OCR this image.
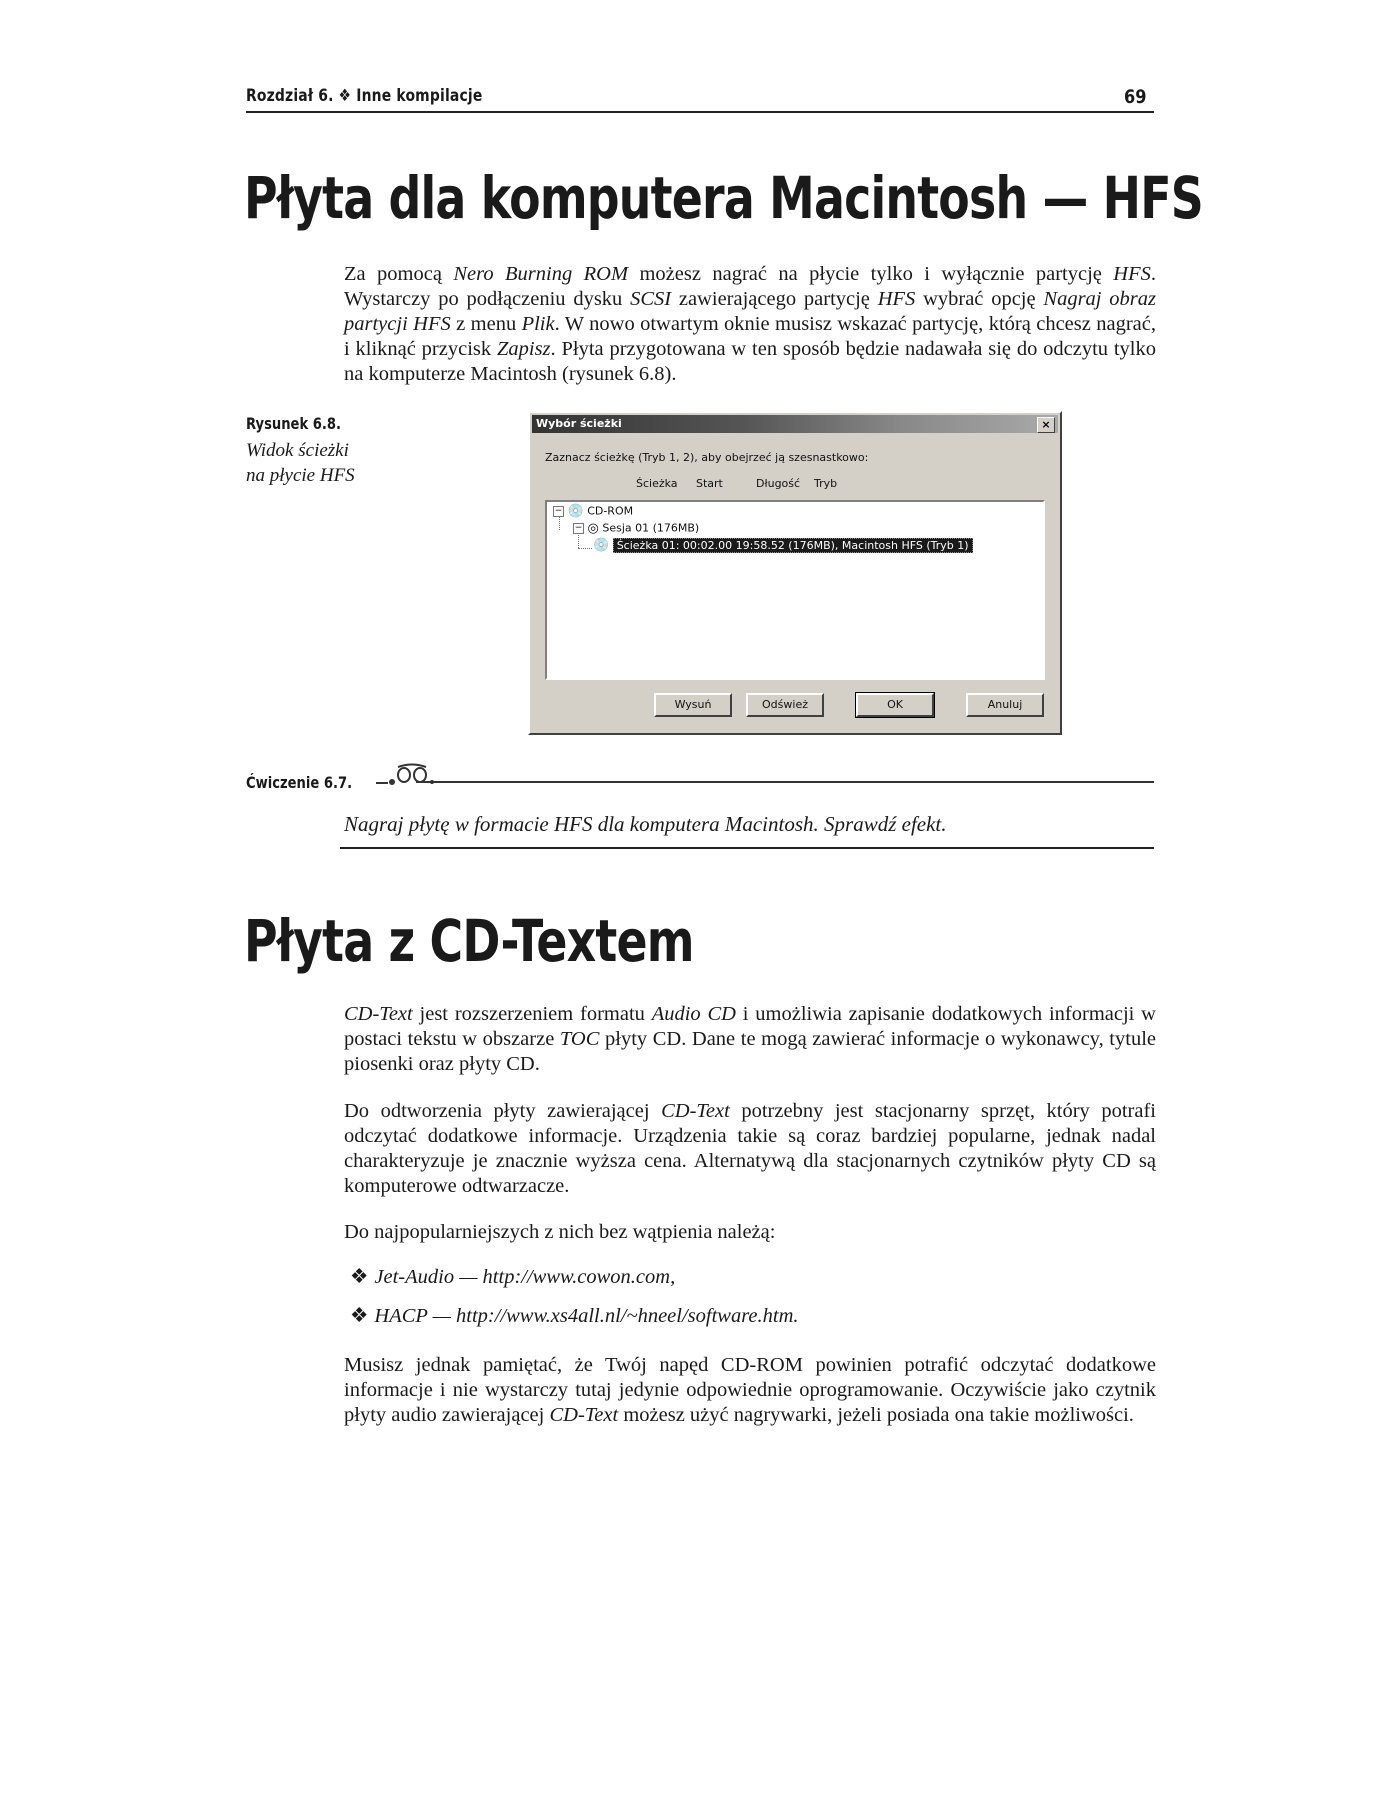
Rozdział 6. ❖ Inne kompilacje	69
Płyta dla komputera Macintosh — HFS

Za pomocą Nero Burning ROM możesz nagrać na płycie tylko i wyłącznie partycję HFS. Wystarczy po podłączeniu dysku SCSI zawierającego partycję HFS wybrać opcję Nagraj obraz partycji HFS z menu Plik. W nowo otwartym oknie musisz wskazać partycję, którą chcesz nagrać, i kliknąć przycisk Zapisz. Płyta przygotowana w ten sposób będzie nadawała się do odczytu tylko na komputerze Macintosh (rysunek 6.8).

Rysunek 6.8.
Widok ścieżki
na płycie HFS
Wybór ścieżki	×
Zaznacz ścieżkę (Tryb 1, 2), aby obejrzeć ją szesnastkowo:
Ścieżka Start	Długość Tryb
− 💿 CD-ROM
− ◎ Sesja 01 (176MB)
💿 Ścieżka 01: 00:02.00 19:58.52 (176MB), Macintosh HFS (Tryb 1)
Wysuń	Odśwież	OK	Anuluj
Ćwiczenie 6.7.

Nagraj płytę w formacie HFS dla komputera Macintosh. Sprawdź efekt.

Płyta z CD-Textem

CD-Text jest rozszerzeniem formatu Audio CD i umożliwia zapisanie dodatkowych informacji w postaci tekstu w obszarze TOC płyty CD. Dane te mogą zawierać informacje o wykonawcy, tytule piosenki oraz płyty CD.

Do odtworzenia płyty zawierającej CD-Text potrzebny jest stacjonarny sprzęt, który potrafi odczytać dodatkowe informacje. Urządzenia takie są coraz bardziej popularne, jednak nadal charakteryzuje je znacznie wyższa cena. Alternatywą dla stacjonarnych czytników płyty CD są komputerowe odtwarzacze.

Do najpopularniejszych z nich bez wątpienia należą:

❖ Jet-Audio — http://www.cowon.com,

❖ HACP — http://www.xs4all.nl/~hneel/software.htm.

Musisz jednak pamiętać, że Twój napęd CD-ROM powinien potrafić odczytać dodatkowe informacje i nie wystarczy tutaj jedynie odpowiednie oprogramowanie. Oczywiście jako czytnik płyty audio zawierającej CD-Text możesz użyć nagrywarki, jeżeli posiada ona takie możliwości.
